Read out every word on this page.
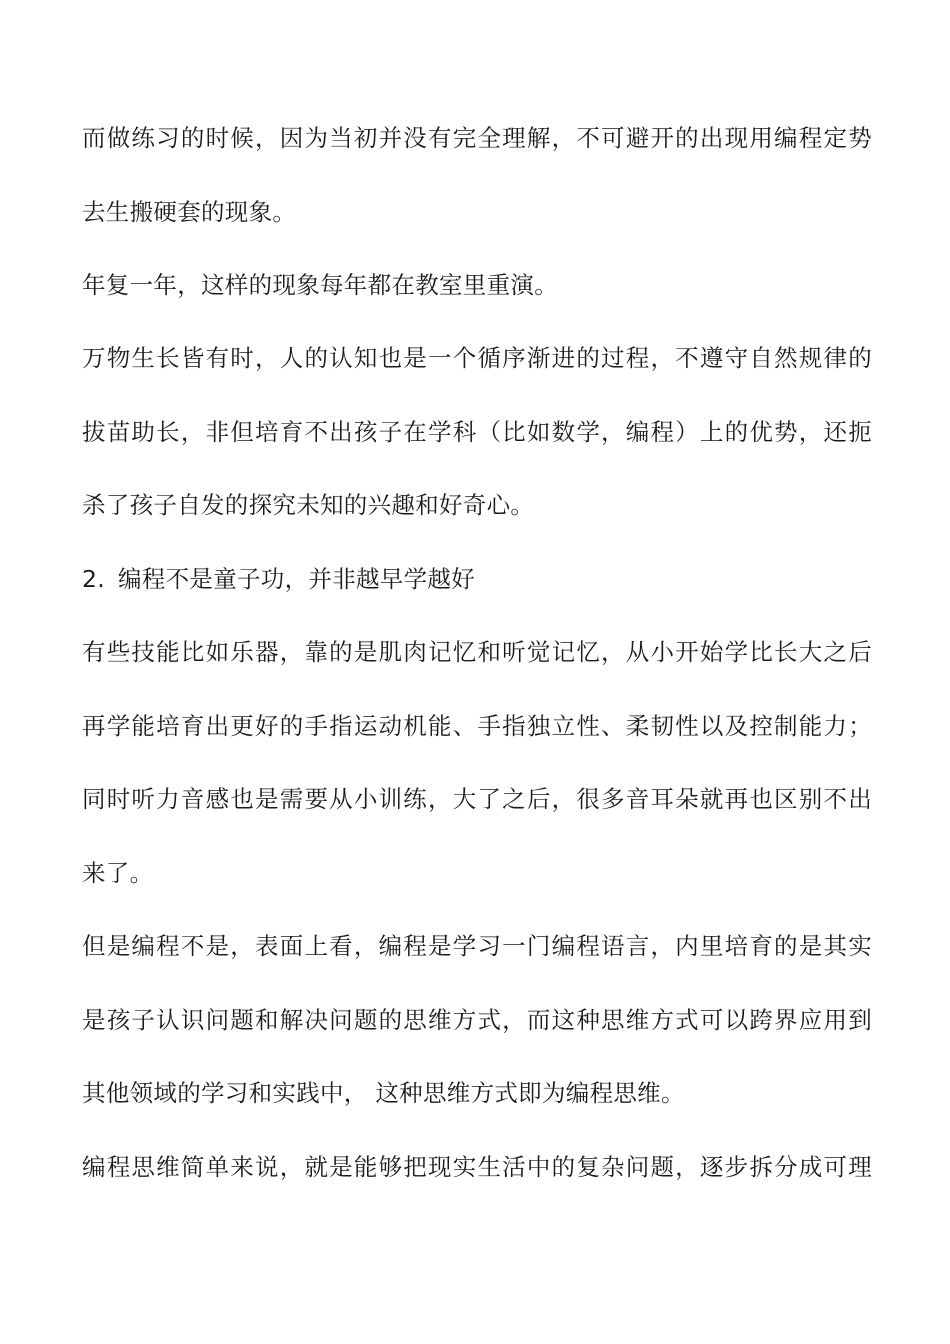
而做练习的时候，因为当初并没有完全理解，不可避开的出现用编程定势
去生搬硬套的现象。
年复一年，这样的现象每年都在教室里重演。
万物生长皆有时，人的认知也是一个循序渐进的过程，不遵守自然规律的
拔苗助长，非但培育不出孩子在学科（比如数学，编程）上的优势，还扼
杀了孩子自发的探究未知的兴趣和好奇心。
2. 编程不是童子功，并非越早学越好
有些技能比如乐器，靠的是肌肉记忆和听觉记忆，从小开始学比长大之后
再学能培育出更好的手指运动机能、手指独立性、柔韧性以及控制能力；
同时听力音感也是需要从小训练，大了之后，很多音耳朵就再也区别不出
来了。
但是编程不是，表面上看，编程是学习一门编程语言，内里培育的是其实
是孩子认识问题和解决问题的思维方式，而这种思维方式可以跨界应用到
其他领域的学习和实践中， 这种思维方式即为编程思维。
编程思维简单来说，就是能够把现实生活中的复杂问题，逐步拆分成可理
